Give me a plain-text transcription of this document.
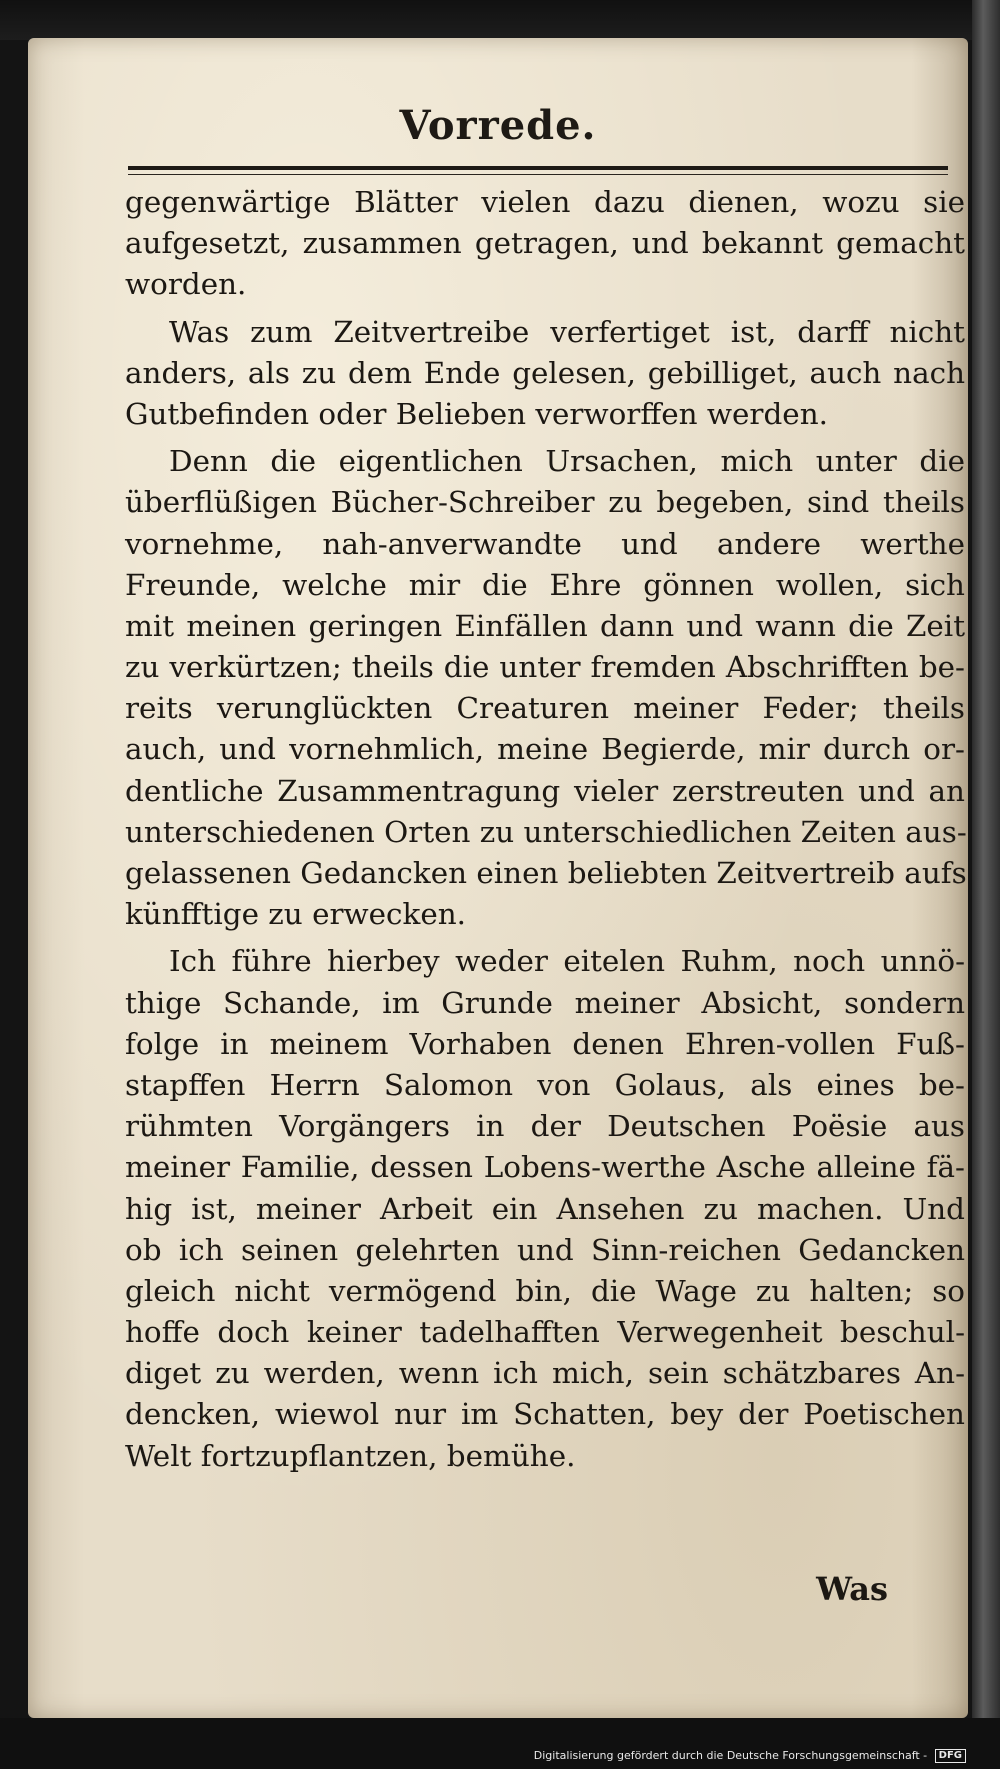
Vorrede.
gegenwärtige Blätter vielen dazu dienen, wozu sie
aufgesetzt, zusammen getragen, und bekannt gemacht
worden.
Was zum Zeitvertreibe verfertiget ist, darff nicht
anders, als zu dem Ende gelesen, gebilliget, auch nach
Gutbefinden oder Belieben verworffen werden.
Denn die eigentlichen Ursachen, mich unter die
überflüßigen Bücher-Schreiber zu begeben, sind theils
vornehme, nah-anverwandte und andere werthe
Freunde, welche mir die Ehre gönnen wollen, sich
mit meinen geringen Einfällen dann und wann die Zeit
zu verkürtzen; theils die unter fremden Abschrifften be-
reits verunglückten Creaturen meiner Feder; theils
auch, und vornehmlich, meine Begierde, mir durch or-
dentliche Zusammentragung vieler zerstreuten und an
unterschiedenen Orten zu unterschiedlichen Zeiten aus-
gelassenen Gedancken einen beliebten Zeitvertreib aufs
künfftige zu erwecken.
Ich führe hierbey weder eitelen Ruhm, noch unnö-
thige Schande, im Grunde meiner Absicht, sondern
folge in meinem Vorhaben denen Ehren-vollen Fuß-
stapffen Herrn Salomon von Golaus, als eines be-
rühmten Vorgängers in der Deutschen Poësie aus
meiner Familie, dessen Lobens-werthe Asche alleine fä-
hig ist, meiner Arbeit ein Ansehen zu machen. Und
ob ich seinen gelehrten und Sinn-reichen Gedancken
gleich nicht vermögend bin, die Wage zu halten; so
hoffe doch keiner tadelhafften Verwegenheit beschul-
diget zu werden, wenn ich mich, sein schätzbares An-
dencken, wiewol nur im Schatten, bey der Poetischen
Welt fortzupflantzen, bemühe.
Was
Digitalisierung gefördert durch die Deutsche Forschungsgemeinschaft - DFG
